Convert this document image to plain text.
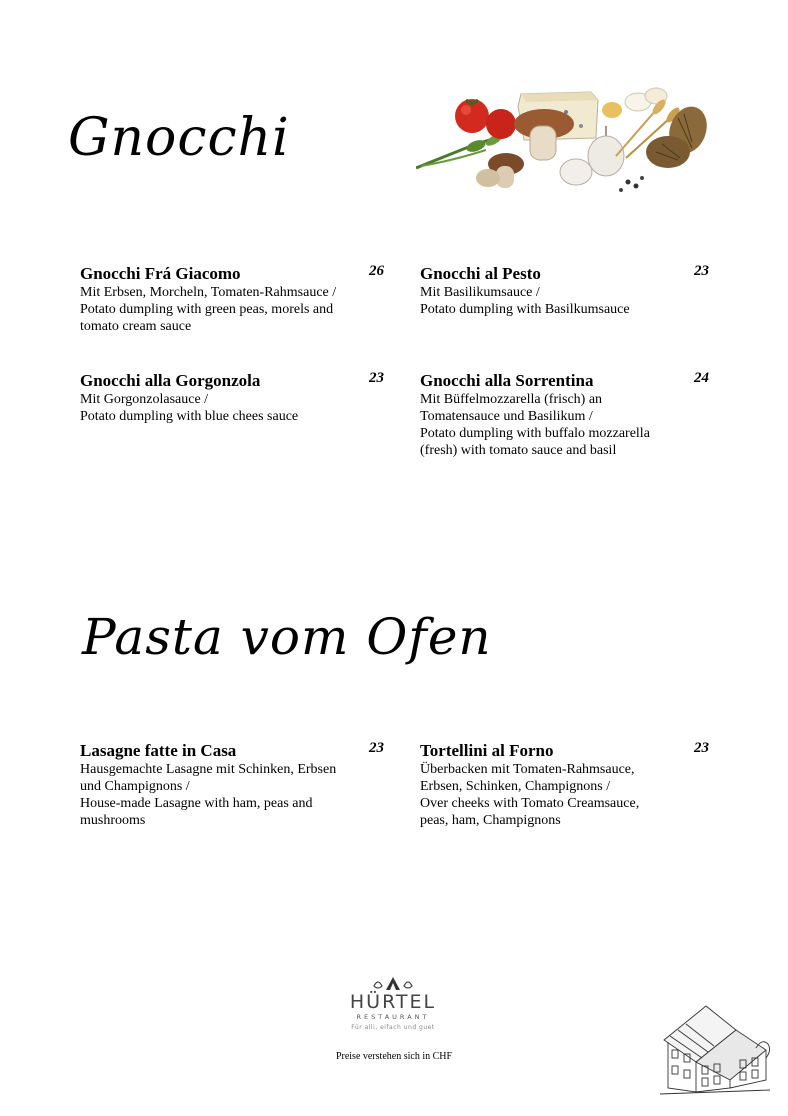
Gnocchi
Pasta vom Ofen
Gnocchi Frá Giacomo
Mit Erbsen, Morcheln, Tomaten-Rahmsauce /
Potato dumpling with green peas, morels and
tomato cream sauce
26 Gnocchi al Pesto
Mit Basilikumsauce /
Potato dumpling with Basilkumsauce
23
Gnocchi alla Gorgonzola
Mit Gorgonzolasauce /
Potato dumpling with blue chees sauce
23 Gnocchi alla Sorrentina
Mit Büffelmozzarella (frisch) an
Tomatensauce und Basilikum /
Potato dumpling with buffalo mozzarella
(fresh) with tomato sauce and basil
24
Lasagne fatte in Casa
Hausgemachte Lasagne mit Schinken, Erbsen
und Champignons /
House-made Lasagne with ham, peas and
mushrooms
23 Tortellini al Forno
Überbacken mit Tomaten-Rahmsauce,
Erbsen, Schinken, Champignons /
Over cheeks with Tomato Creamsauce,
peas, ham, Champignons
23
HÜRTEL
RESTAURANT
Für alli, eifach und guet
Preise verstehen sich in CHF
